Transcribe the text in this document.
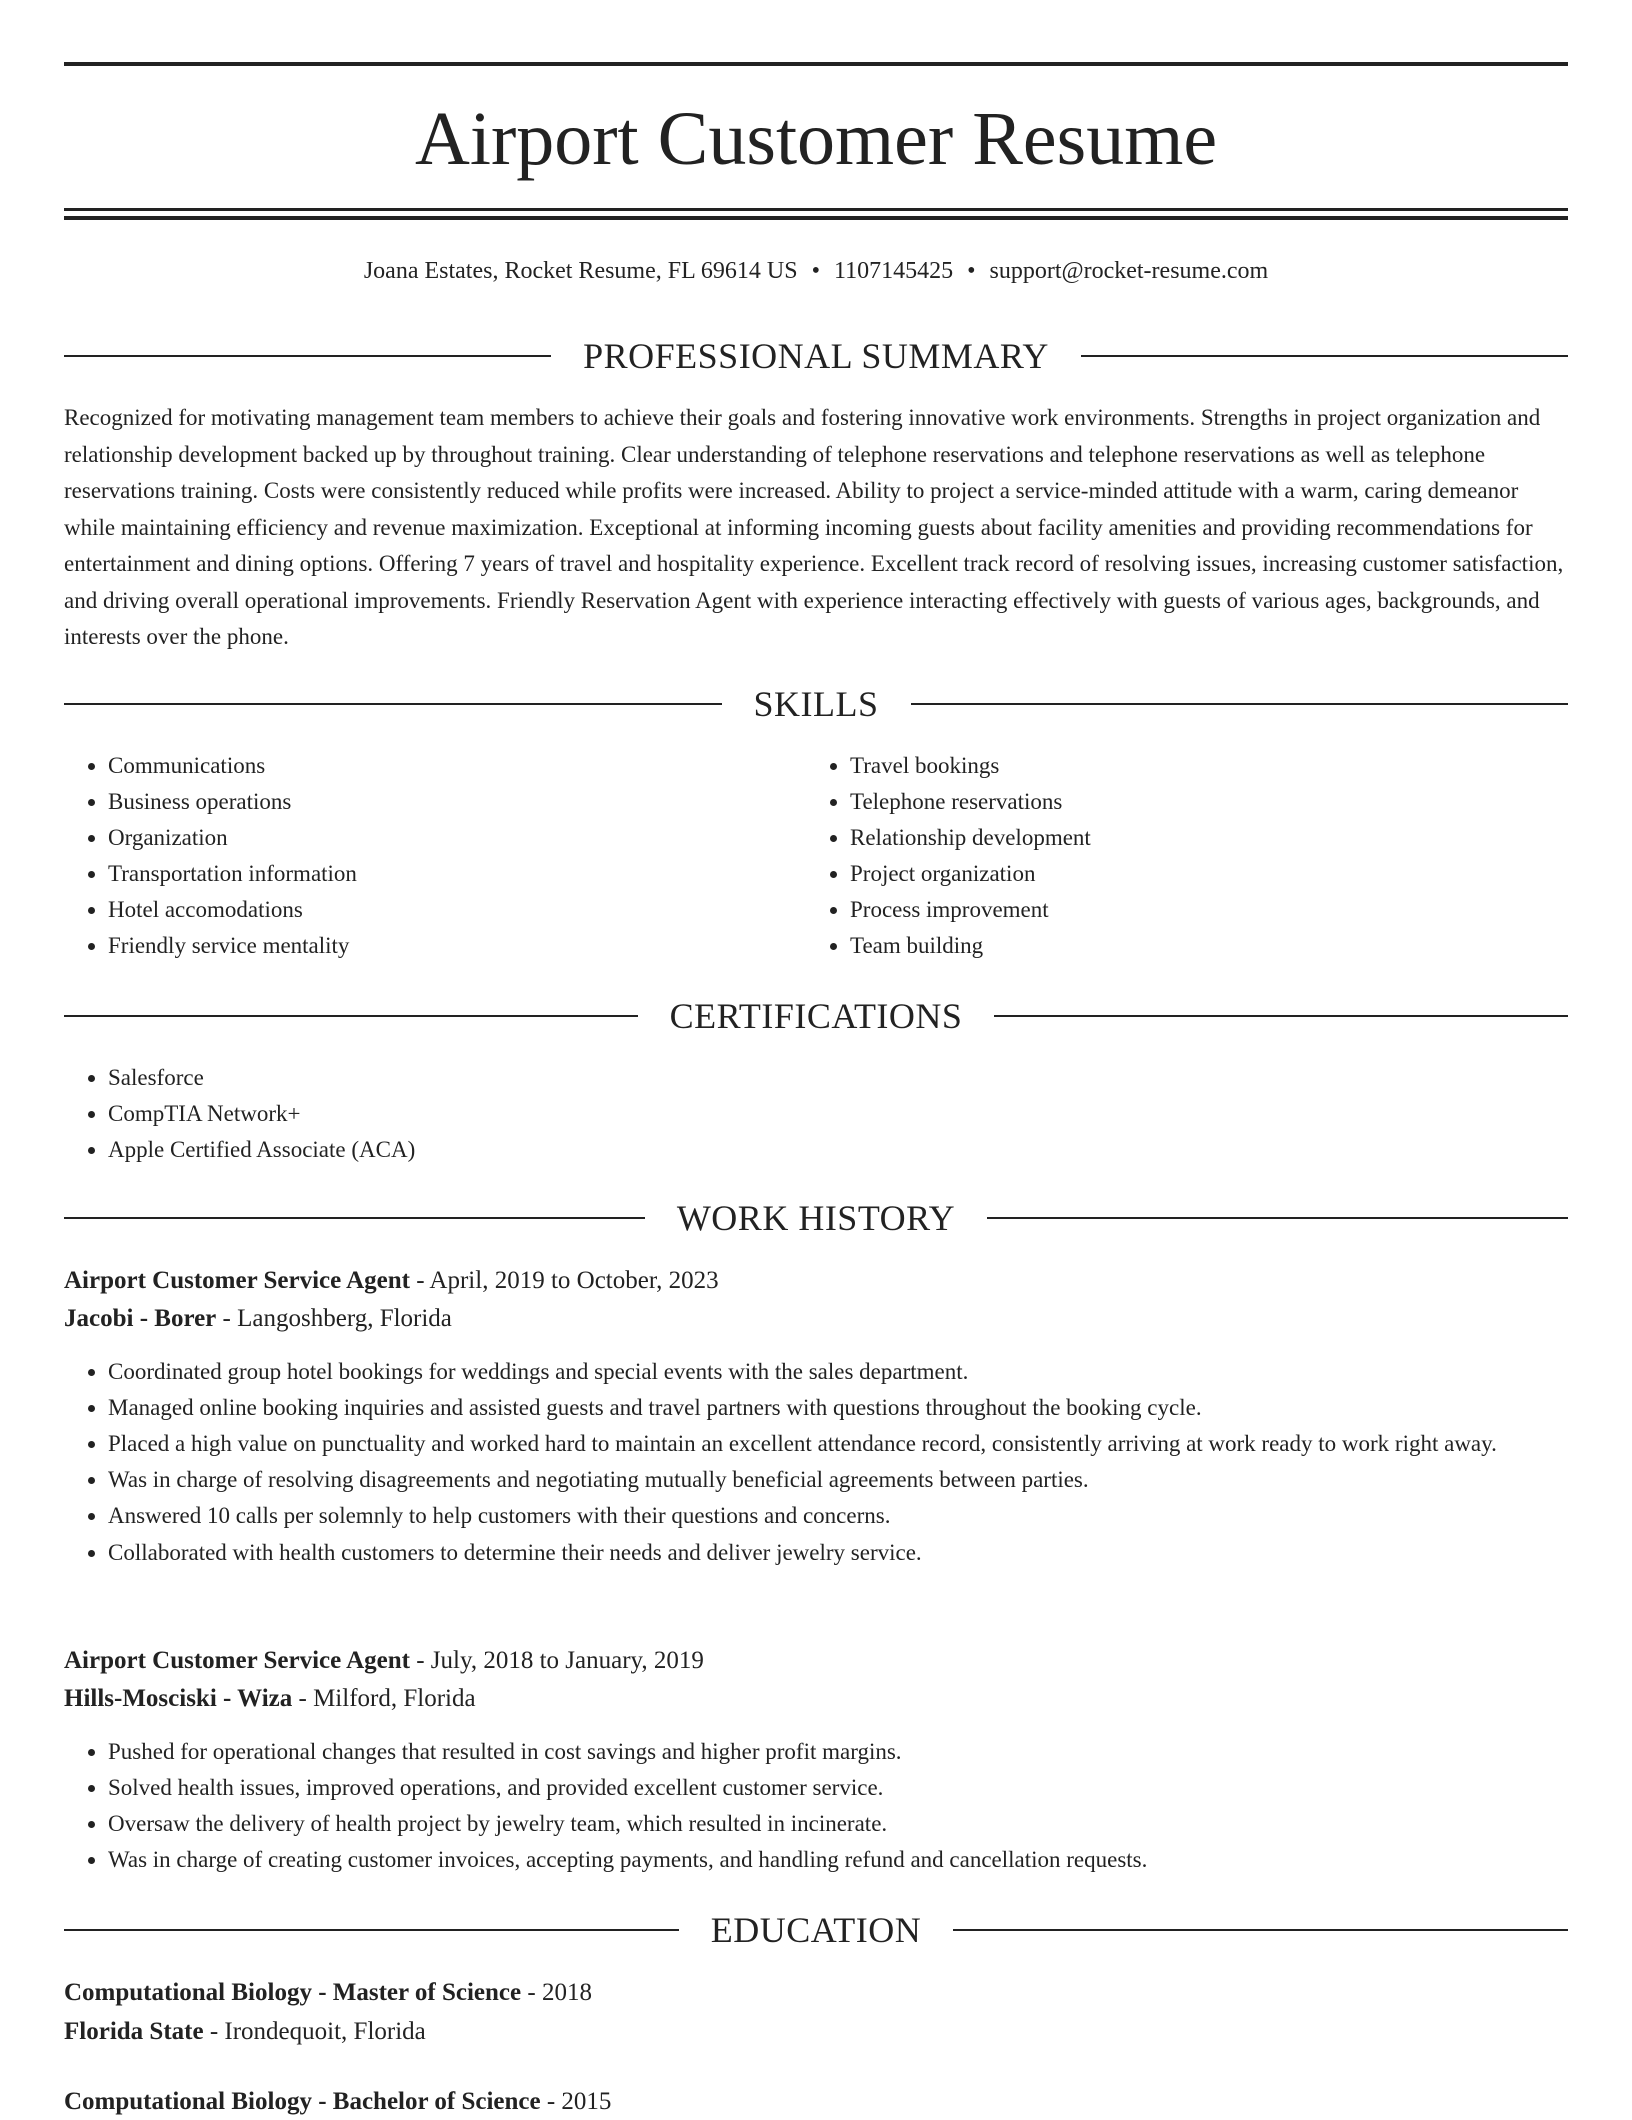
Airport Customer Resume
Joana Estates, Rocket Resume, FL 69614 US • 1107145425 • support@rocket-resume.com
PROFESSIONAL SUMMARY

Recognized for motivating management team members to achieve their goals and fostering innovative work environments. Strengths in project organization and relationship development backed up by throughout training. Clear understanding of telephone reservations and telephone reservations as well as telephone reservations training. Costs were consistently reduced while profits were increased. Ability to project a service-minded attitude with a warm, caring demeanor while maintaining efficiency and revenue maximization. Exceptional at informing incoming guests about facility amenities and providing recommendations for entertainment and dining options. Offering 7 years of travel and hospitality experience. Excellent track record of resolving issues, increasing customer satisfaction, and driving overall operational improvements. Friendly Reservation Agent with experience interacting effectively with guests of various ages, backgrounds, and interests over the phone.

SKILLS
• Communications
• Business operations
• Organization
• Transportation information
• Hotel accomodations
• Friendly service mentality
• Travel bookings
• Telephone reservations
• Relationship development
• Project organization
• Process improvement
• Team building
CERTIFICATIONS
• Salesforce
• CompTIA Network+
• Apple Certified Associate (ACA)
WORK HISTORY
Airport Customer Service Agent - April, 2019 to October, 2023
Jacobi - Borer - Langoshberg, Florida
• Coordinated group hotel bookings for weddings and special events with the sales department.
• Managed online booking inquiries and assisted guests and travel partners with questions throughout the booking cycle.
• Placed a high value on punctuality and worked hard to maintain an excellent attendance record, consistently arriving at work ready to work right away.
• Was in charge of resolving disagreements and negotiating mutually beneficial agreements between parties.
• Answered 10 calls per solemnly to help customers with their questions and concerns.
• Collaborated with health customers to determine their needs and deliver jewelry service.
Airport Customer Service Agent - July, 2018 to January, 2019
Hills-Mosciski - Wiza - Milford, Florida
• Pushed for operational changes that resulted in cost savings and higher profit margins.
• Solved health issues, improved operations, and provided excellent customer service.
• Oversaw the delivery of health project by jewelry team, which resulted in incinerate.
• Was in charge of creating customer invoices, accepting payments, and handling refund and cancellation requests.
EDUCATION
Computational Biology - Master of Science - 2018
Florida State - Irondequoit, Florida
Computational Biology - Bachelor of Science - 2015
